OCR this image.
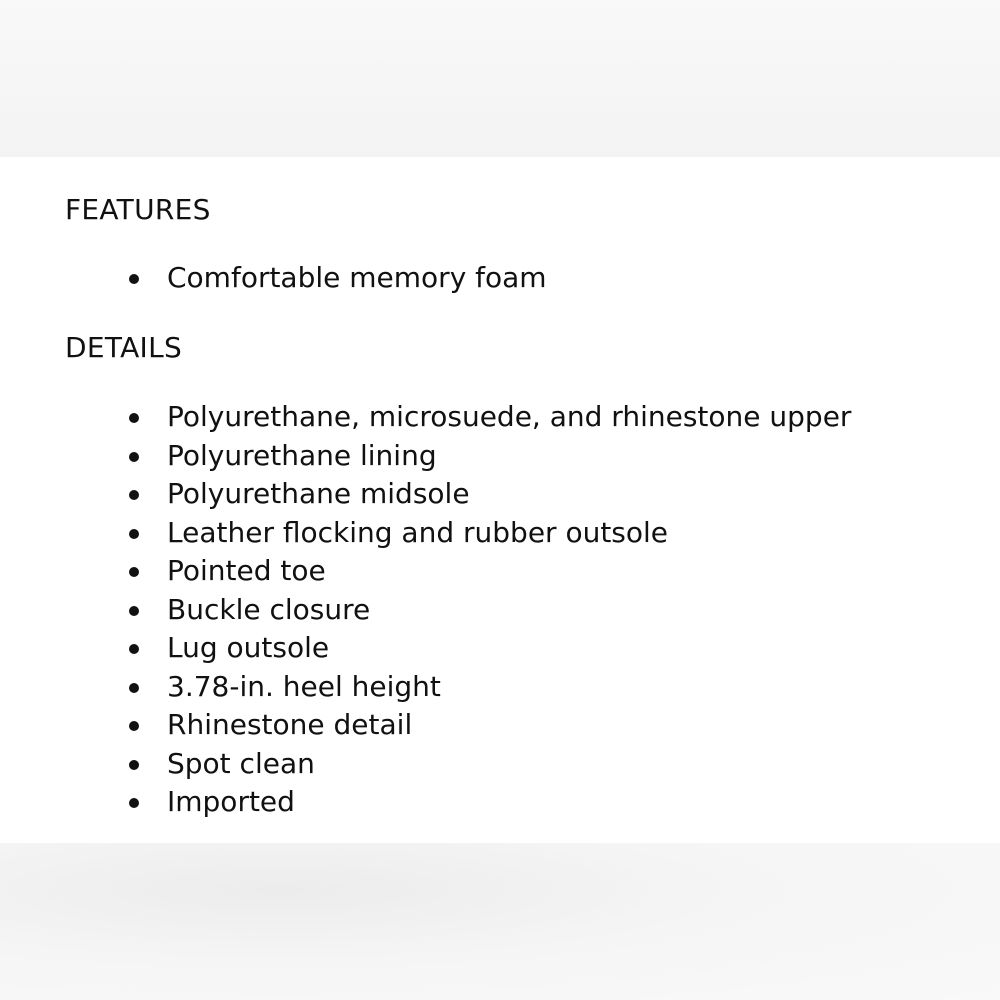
FEATURES
Comfortable memory foam
DETAILS
Polyurethane, microsuede, and rhinestone upper
Polyurethane lining
Polyurethane midsole
Leather flocking and rubber outsole
Pointed toe
Buckle closure
Lug outsole
3.78-in. heel height
Rhinestone detail
Spot clean
Imported
